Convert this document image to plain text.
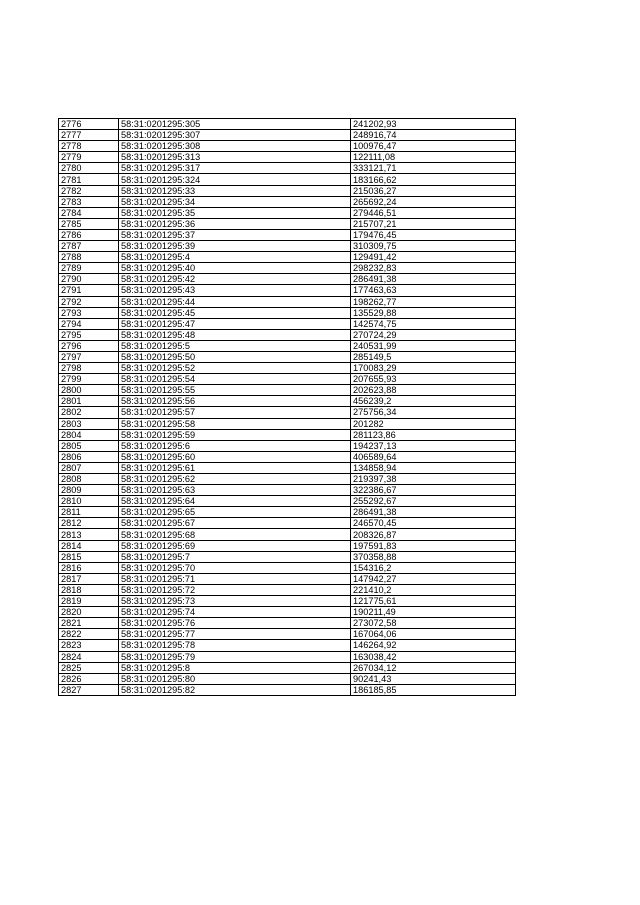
2776	58:31:0201295:305	241202,93
2777	58:31:0201295:307	248916,74
2778	58:31:0201295:308	100976,47
2779	58:31:0201295:313	122111,08
2780	58:31:0201295:317	333121,71
2781	58:31:0201295:324	183166,62
2782	58:31:0201295:33	215036,27
2783	58:31:0201295:34	265692,24
2784	58:31:0201295:35	279446,51
2785	58:31:0201295:36	215707,21
2786	58:31:0201295:37	179476,45
2787	58:31:0201295:39	310309,75
2788	58:31:0201295:4	129491,42
2789	58:31:0201295:40	298232,83
2790	58:31:0201295:42	286491,38
2791	58:31:0201295:43	177463,63
2792	58:31:0201295:44	198262,77
2793	58:31:0201295:45	135529,88
2794	58:31:0201295:47	142574,75
2795	58:31:0201295:48	270724,29
2796	58:31:0201295:5	240531,99
2797	58:31:0201295:50	285149,5
2798	58:31:0201295:52	170083,29
2799	58:31:0201295:54	207655,93
2800	58:31:0201295:55	202623,88
2801	58:31:0201295:56	456239,2
2802	58:31:0201295:57	275756,34
2803	58:31:0201295:58	201282
2804	58:31:0201295:59	281123,86
2805	58:31:0201295:6	194237,13
2806	58:31:0201295:60	406589,64
2807	58:31:0201295:61	134858,94
2808	58:31:0201295:62	219397,38
2809	58:31:0201295:63	322386,67
2810	58:31:0201295:64	255292,67
2811	58:31:0201295:65	286491,38
2812	58:31:0201295:67	246570,45
2813	58:31:0201295:68	208326,87
2814	58:31:0201295:69	197591,83
2815	58:31:0201295:7	370358,88
2816	58:31:0201295:70	154316,2
2817	58:31:0201295:71	147942,27
2818	58:31:0201295:72	221410,2
2819	58:31:0201295:73	121775,61
2820	58:31:0201295:74	190211,49
2821	58:31:0201295:76	273072,58
2822	58:31:0201295:77	167064,06
2823	58:31:0201295:78	146264,92
2824	58:31:0201295:79	163038,42
2825	58:31:0201295:8	267034,12
2826	58:31:0201295:80	90241,43
2827	58:31:0201295:82	186185,85
